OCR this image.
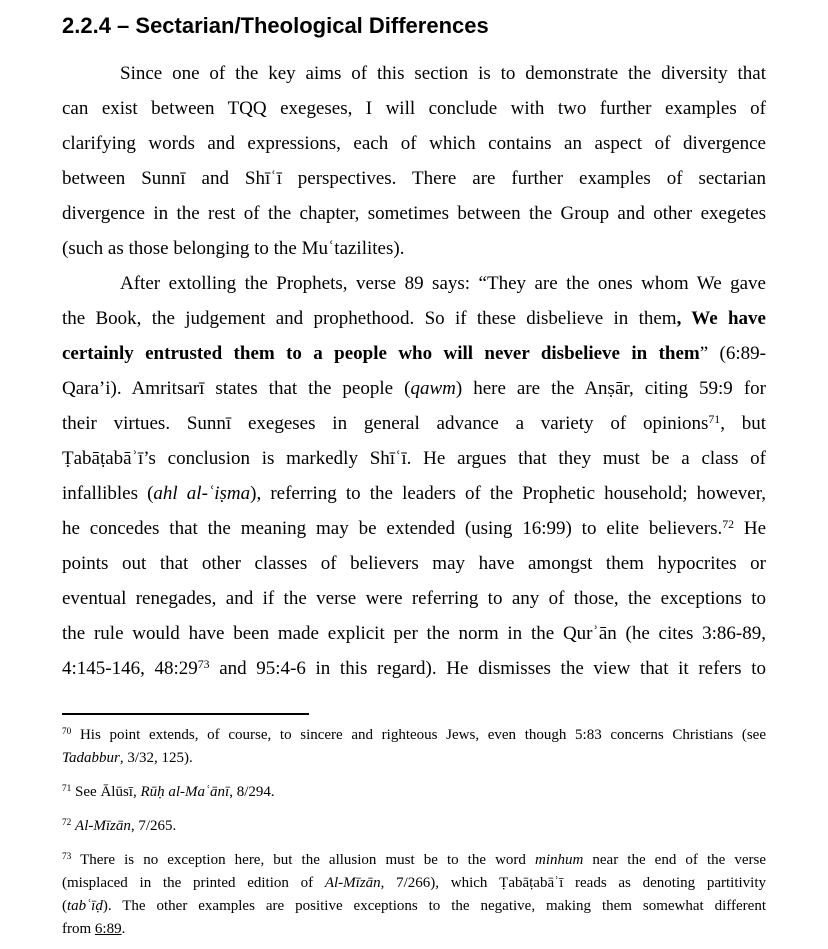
2.2.4 – Sectarian/Theological Differences
Since one of the key aims of this section is to demonstrate the diversity that
can exist between TQQ exegeses, I will conclude with two further examples of
clarifying words and expressions, each of which contains an aspect of divergence
between Sunnī and Shīʿī perspectives. There are further examples of sectarian
divergence in the rest of the chapter, sometimes between the Group and other exegetes
(such as those belonging to the Muʿtazilites).
After extolling the Prophets, verse 89 says: “They are the ones whom We gave
the Book, the judgement and prophethood. So if these disbelieve in them, We have
certainly entrusted them to a people who will never disbelieve in them” (6:89-
Qara’i). Amritsarī states that the people (qawm) here are the Anṣār, citing 59:9 for
their virtues. Sunnī exegeses in general advance a variety of opinions$^{71}$, but
Ṭabāṭabāʾī’s conclusion is markedly Shīʿī. He argues that they must be a class of
infallibles (ahl al-ʿiṣma), referring to the leaders of the Prophetic household; however,
he concedes that the meaning may be extended (using 16:99) to elite believers.$^{72}$ He
points out that other classes of believers may have amongst them hypocrites or
eventual renegades, and if the verse were referring to any of those, the exceptions to
the rule would have been made explicit per the norm in the Qurʾān (he cites 3:86-89,
4:145-146, $48:29^{73}$ and 95:4-6 in this regard). He dismisses the view that it refers to
$^{70}$ His point extends, of course, to sincere and righteous Jews, even though 5:83 concerns Christians (see
Tadabbur, 3/32, 125).
$^{71}$ See Ālūsī, Rūḥ al-Maʿānī, 8/294.
$^{72}$ Al-Mīzān, 7/265.
$^{73}$ There is no exception here, but the allusion must be to the word minhum near the end of the verse
(misplaced in the printed edition of Al-Mīzān, 7/266), which Ṭabāṭabāʾī reads as denoting partitivity
(tabʿīḍ). The other examples are positive exceptions to the negative, making them somewhat different
from 6:89.
